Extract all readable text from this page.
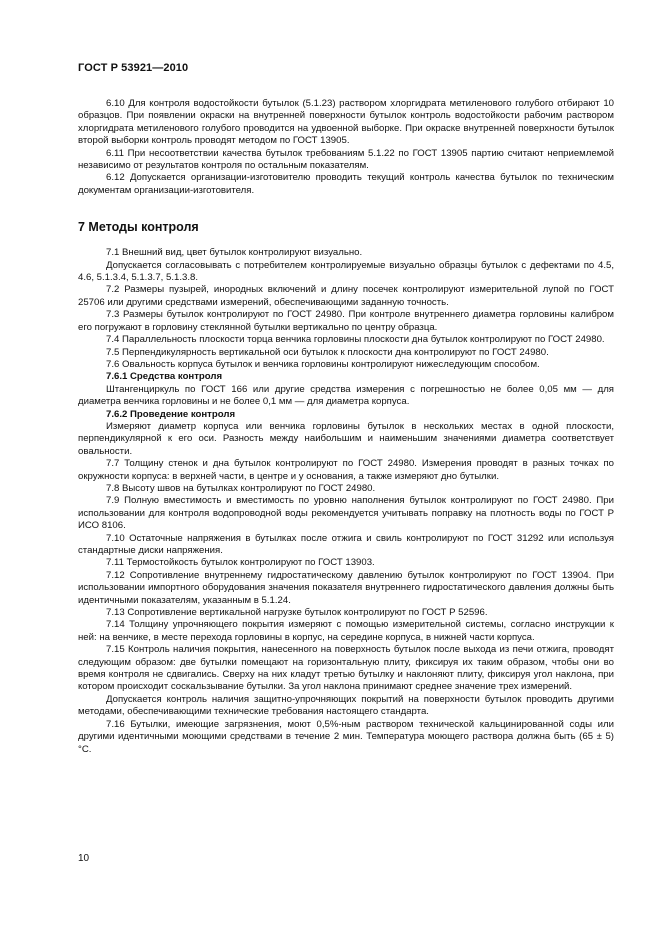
ГОСТ Р 53921—2010

6.10 Для контроля водостойкости бутылок (5.1.23) раствором хлоргидрата метиленового голубого отбирают 10 образцов. При появлении окраски на внутренней поверхности бутылок контроль водостойкости рабочим раствором хлоргидрата метиленового голубого проводится на удвоенной выборке. При окраске внутренней поверхности бутылок второй выборки контроль проводят методом по ГОСТ 13905.

6.11 При несоответствии качества бутылок требованиям 5.1.22 по ГОСТ 13905 партию считают неприемлемой независимо от результатов контроля по остальным показателям.

6.12 Допускается организации-изготовителю проводить текущий контроль качества бутылок по техническим документам организации-изготовителя.

7 Методы контроля

7.1 Внешний вид, цвет бутылок контролируют визуально.

Допускается согласовывать с потребителем контролируемые визуально образцы бутылок с дефектами по 4.5, 4.6, 5.1.3.4, 5.1.3.7, 5.1.3.8.

7.2 Размеры пузырей, инородных включений и длину посечек контролируют измерительной лупой по ГОСТ 25706 или другими средствами измерений, обеспечивающими заданную точность.

7.3 Размеры бутылок контролируют по ГОСТ 24980. При контроле внутреннего диаметра горловины калибром его погружают в горловину стеклянной бутылки вертикально по центру образца.

7.4 Параллельность плоскости торца венчика горловины плоскости дна бутылок контролируют по ГОСТ 24980.

7.5 Перпендикулярность вертикальной оси бутылок к плоскости дна контролируют по ГОСТ 24980.

7.6 Овальность корпуса бутылок и венчика горловины контролируют нижеследующим способом.

7.6.1 Средства контроля

Штангенциркуль по ГОСТ 166 или другие средства измерения с погрешностью не более 0,05 мм — для диаметра венчика горловины и не более 0,1 мм — для диаметра корпуса.

7.6.2 Проведение контроля

Измеряют диаметр корпуса или венчика горловины бутылок в нескольких местах в одной плоскости, перпендикулярной к его оси. Разность между наибольшим и наименьшим значениями диаметра соответствует овальности.

7.7 Толщину стенок и дна бутылок контролируют по ГОСТ 24980. Измерения проводят в разных точках по окружности корпуса: в верхней части, в центре и у основания, а также измеряют дно бутылки.

7.8 Высоту швов на бутылках контролируют по ГОСТ 24980.

7.9 Полную вместимость и вместимость по уровню наполнения бутылок контролируют по ГОСТ 24980. При использовании для контроля водопроводной воды рекомендуется учитывать поправку на плотность воды по ГОСТ Р ИСО 8106.

7.10 Остаточные напряжения в бутылках после отжига и свиль контролируют по ГОСТ 31292 или используя стандартные диски напряжения.

7.11 Термостойкость бутылок контролируют по ГОСТ 13903.

7.12 Сопротивление внутреннему гидростатическому давлению бутылок контролируют по ГОСТ 13904. При использовании импортного оборудования значения показателя внутреннего гидростатического давления должны быть идентичными показателям, указанным в 5.1.24.

7.13 Сопротивление вертикальной нагрузке бутылок контролируют по ГОСТ Р 52596.

7.14 Толщину упрочняющего покрытия измеряют с помощью измерительной системы, согласно инструкции к ней: на венчике, в месте перехода горловины в корпус, на середине корпуса, в нижней части корпуса.

7.15 Контроль наличия покрытия, нанесенного на поверхность бутылок после выхода из печи отжига, проводят следующим образом: две бутылки помещают на горизонтальную плиту, фиксируя их таким образом, чтобы они во время контроля не сдвигались. Сверху на них кладут третью бутылку и наклоняют плиту, фиксируя угол наклона, при котором происходит соскальзывание бутылки. За угол наклона принимают среднее значение трех измерений.

Допускается контроль наличия защитно-упрочняющих покрытий на поверхности бутылок проводить другими методами, обеспечивающими технические требования настоящего стандарта.

7.16 Бутылки, имеющие загрязнения, моют 0,5%-ным раствором технической кальцинированной соды или другими идентичными моющими средствами в течение 2 мин. Температура моющего раствора должна быть (65 ± 5) °С.

10
